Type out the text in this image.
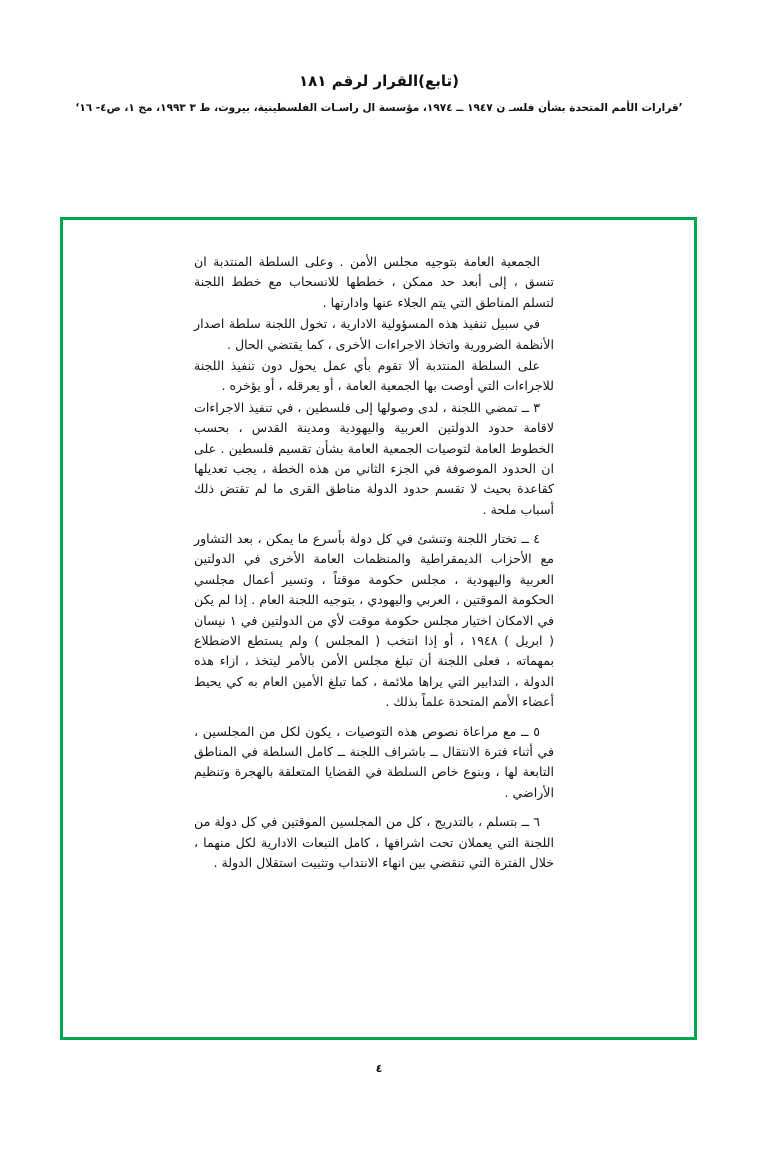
(تابع)القرار لرقم ١٨١
’قرارات الأمم المتحدة بشأن فلسـ ن ١٩٤٧ ــ ١٩٧٤، مؤسسة ال راسـات الفلسطينية، بيروت، ط ٣ ١٩٩٣، مج ١، ص٤- ١٦‘

الجمعية العامة بتوجيه مجلس الأمن . وعلى السلطة المنتدبة ان تنسق ، إلى أبعد حد ممكن ، خططها للانسحاب مع خطط اللجنة لتسلم المناطق التي يتم الجلاء عنها وادارتها .

في سبيل تنفيذ هذه المسؤولية الادارية ، تخول اللجنة سلطة اصدار الأنظمة الضرورية واتخاذ الاجراءات الأخرى ، كما يقتضي الحال .

على السلطة المنتدبة ألا تقوم بأي عمل يحول دون تنفيذ اللجنة للاجراءات التي أوصت بها الجمعية العامة ، أو يعرقله ، أو يؤخره .

٣ ــ تمضي اللجنة ، لدى وصولها إلى فلسطين ، في تنفيذ الاجراءات لاقامة حدود الدولتين العربية واليهودية ومدينة القدس ، بحسب الخطوط العامة لتوصيات الجمعية العامة بشأن تقسيم فلسطين . على ان الحدود الموصوفة في الجزء الثاني من هذه الخطة ، يجب تعديلها كقاعدة بحيث لا تقسم حدود الدولة مناطق القرى ما لم تقتض ذلك أسباب ملحة .

٤ ــ تختار اللجنة وتنشئ في كل دولة بأسرع ما يمكن ، بعد التشاور مع الأحزاب الديمقراطية والمنظمات العامة الأخرى في الدولتين العربية واليهودية ، مجلس حكومة موقتاً ، وتسير أعمال مجلسي الحكومة الموقتين ، العربي واليهودي ، بتوجيه اللجنة العام . إذا لم يكن في الامكان اختيار مجلس حكومة موقت لأي من الدولتين في ١ نيسان ( ابريل ) ١٩٤٨ ، أو إذا انتخب ( المجلس ) ولم يستطع الاضطلاع بمهماته ، فعلى اللجنة أن تبلغ مجلس الأمن بالأمر ليتخذ ، ازاء هذه الدولة ، التدابير التي يراها ملائمة ، كما تبلغ الأمين العام به كي يحيط أعضاء الأمم المتحدة علماً بذلك .

٥ ــ مع مراعاة نصوص هذه التوصيات ، يكون لكل من المجلسين ، في أثناء فترة الانتقال ــ باشراف اللجنة ــ كامل السلطة في المناطق التابعة لها ، وبنوع خاص السلطة في القضايا المتعلقة بالهجرة وتنظيم الأراضي .

٦ ــ بتسلم ، بالتدريج ، كل من المجلسين الموقتين في كل دولة من اللجنة التي يعملان تحت اشرافها ، كامل التبعات الادارية لكل منهما ، خلال الفترة التي تنقضي بين انهاء الانتداب وتثبيت استقلال الدولة .

٤
